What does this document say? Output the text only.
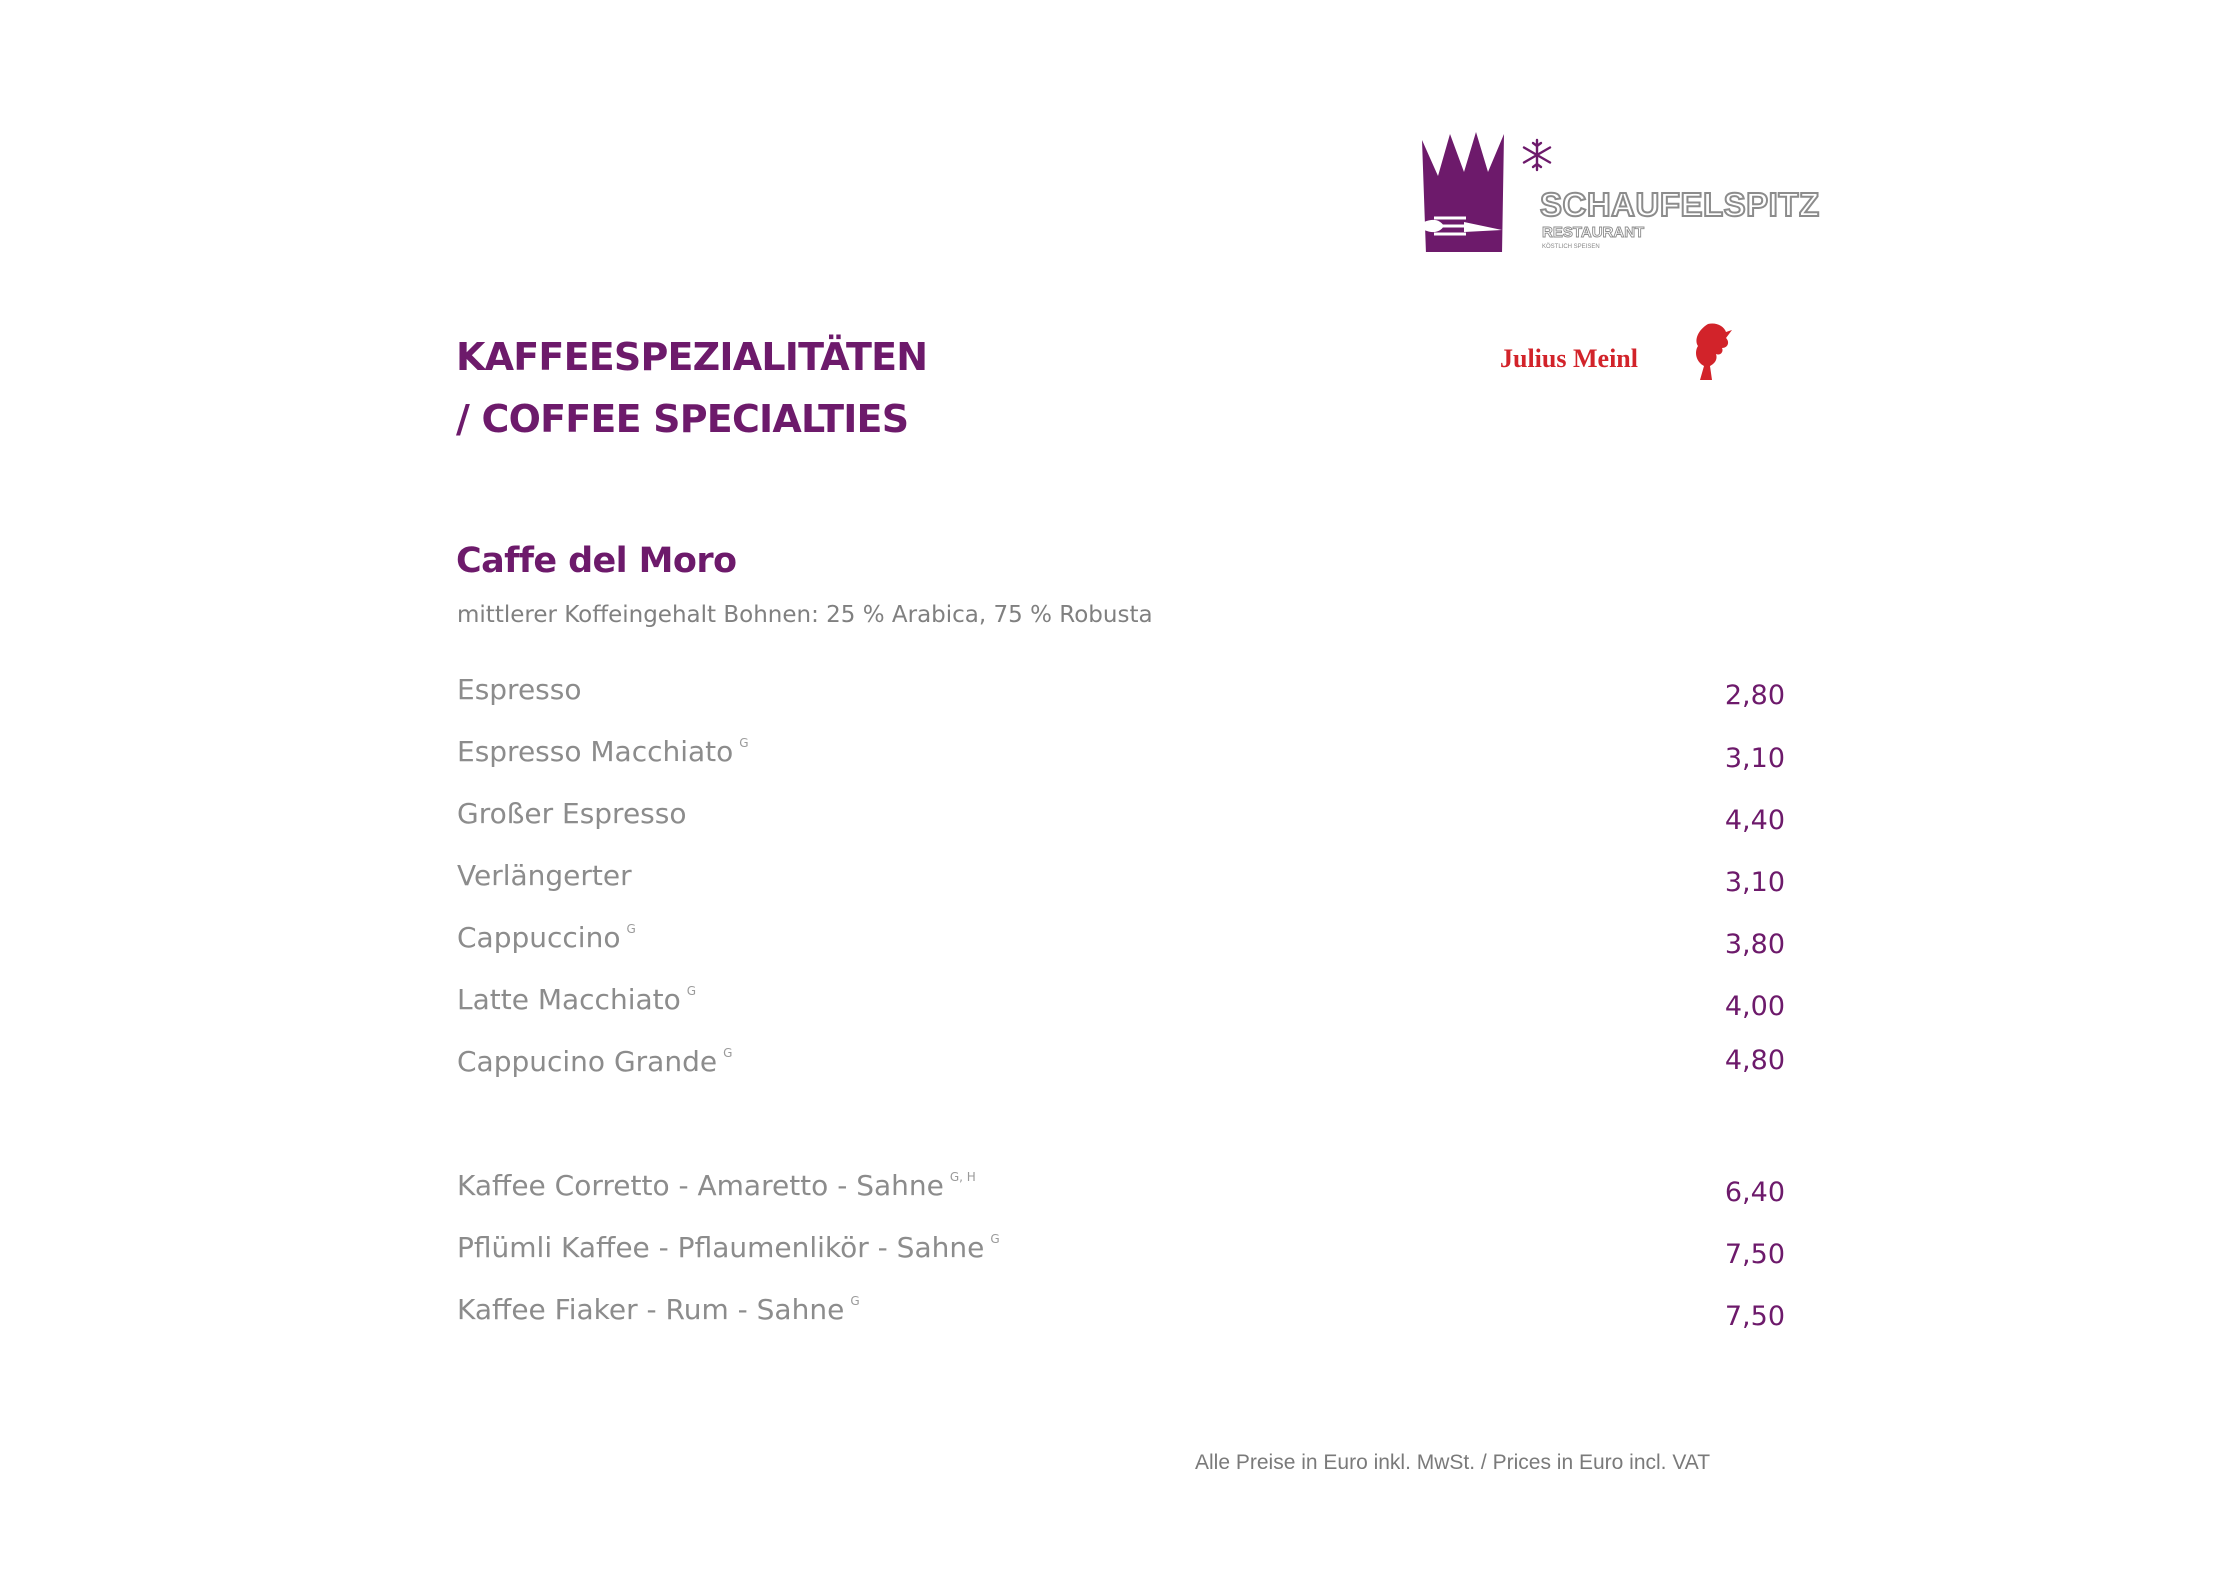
SCHAUFELSPITZ
RESTAURANT
KÖSTLICH SPEISEN
Julius Meinl
KAFFEESPEZIALITÄTEN
/ COFFEE SPECIALTIES
Caffe del Moro
mittlerer Koffeingehalt Bohnen: 25 % Arabica, 75 % Robusta
Espresso	2,80
Espresso Macchiato $^G$	3,10
Großer Espresso	4,40
Verlängerter	3,10
Cappuccino $^G$	3,80
Latte Macchiato $^G$	4,00
Cappucino Grande $^G$	4,80
Kaffee Corretto - Amaretto - Sahne $^{G, H}$	6,40
Pflümli Kaffee - Pflaumenlikör - Sahne $^G$	7,50
Kaffee Fiaker - Rum - Sahne $^G$	7,50
Alle Preise in Euro inkl. MwSt. / Prices in Euro incl. VAT
